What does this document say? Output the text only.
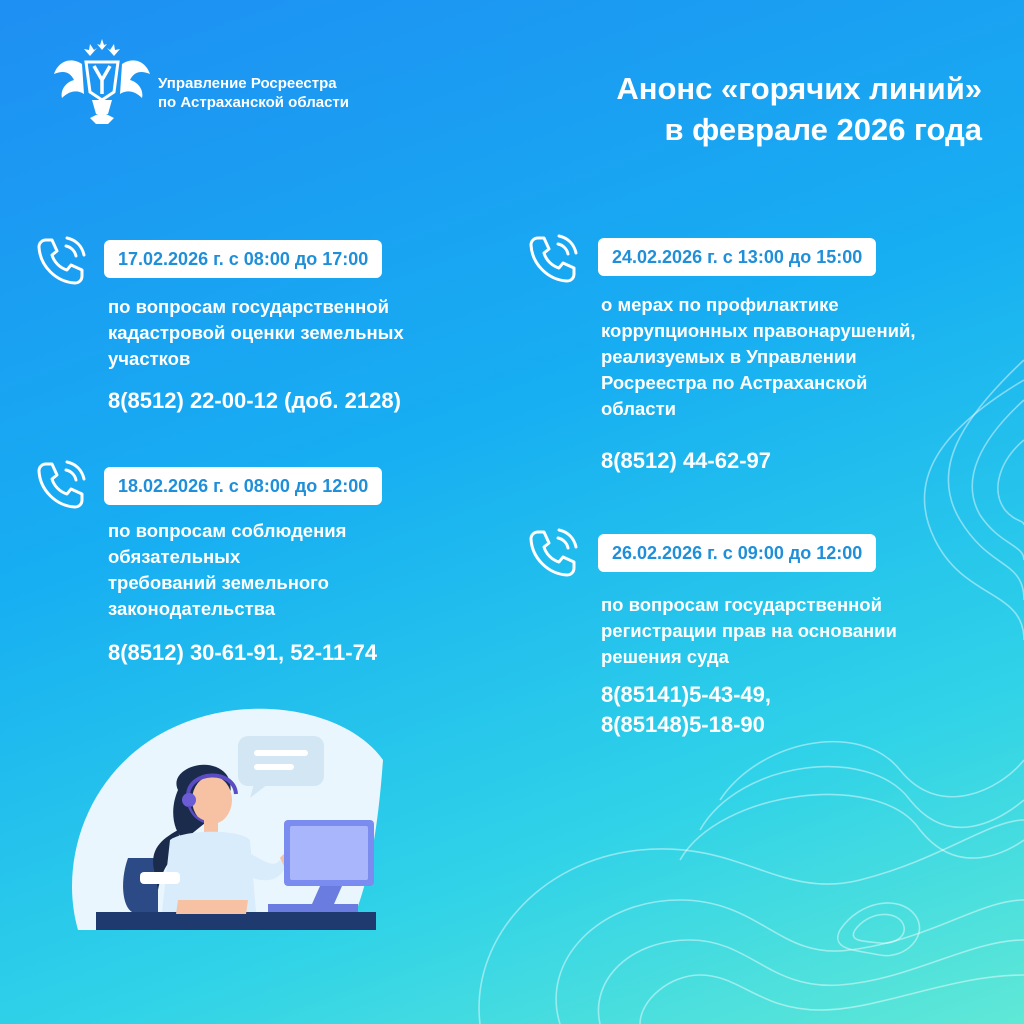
Управление Росреестра
по Астраханской области	Анонс «горячих линий»
в феврале 2026 года
17.02.2026 г. с 08:00 до 17:00
по вопросам государственной
кадастровой оценки земельных
участков
8(8512) 22-00-12 (доб. 2128)
18.02.2026 г. с 08:00 до 12:00
по вопросам соблюдения
обязательных
требований земельного
законодательства
8(8512) 30-61-91, 52-11-74
24.02.2026 г. с 13:00 до 15:00
о мерах по профилактике
коррупционных правонарушений,
реализуемых в Управлении
Росреестра по Астраханской
области
8(8512) 44-62-97
26.02.2026 г. с 09:00 до 12:00
по вопросам государственной
регистрации прав на основании
решения суда
8(85141)5-43-49,
8(85148)5-18-90
